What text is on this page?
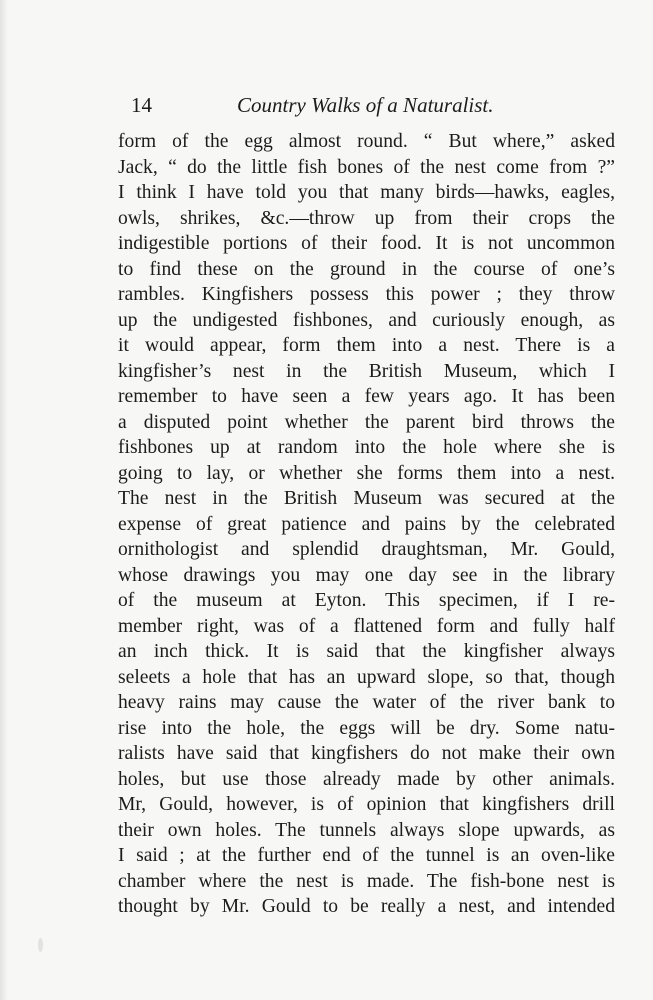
14	Country Walks of a Naturalist.
form of the egg almost round. “ But where,” asked
Jack, “ do the little fish bones of the nest come from ?”
I think I have told you that many birds—hawks, eagles,
owls, shrikes, &c.—throw up from their crops the
indigestible portions of their food. It is not uncommon
to find these on the ground in the course of one’s
rambles. Kingfishers possess this power ; they throw
up the undigested fishbones, and curiously enough, as
it would appear, form them into a nest. There is a
kingfisher’s nest in the British Museum, which I
remember to have seen a few years ago. It has been
a disputed point whether the parent bird throws the
fishbones up at random into the hole where she is
going to lay, or whether she forms them into a nest.
The nest in the British Museum was secured at the
expense of great patience and pains by the celebrated
ornithologist and splendid draughtsman, Mr. Gould,
whose drawings you may one day see in the library
of the museum at Eyton. This specimen, if I re-
member right, was of a flattened form and fully half
an inch thick. It is said that the kingfisher always
seleets a hole that has an upward slope, so that, though
heavy rains may cause the water of the river bank to
rise into the hole, the eggs will be dry. Some natu-
ralists have said that kingfishers do not make their own
holes, but use those already made by other animals.
Mr, Gould, however, is of opinion that kingfishers drill
their own holes. The tunnels always slope upwards, as
I said ; at the further end of the tunnel is an oven-like
chamber where the nest is made. The fish-bone nest is
thought by Mr. Gould to be really a nest, and intended
